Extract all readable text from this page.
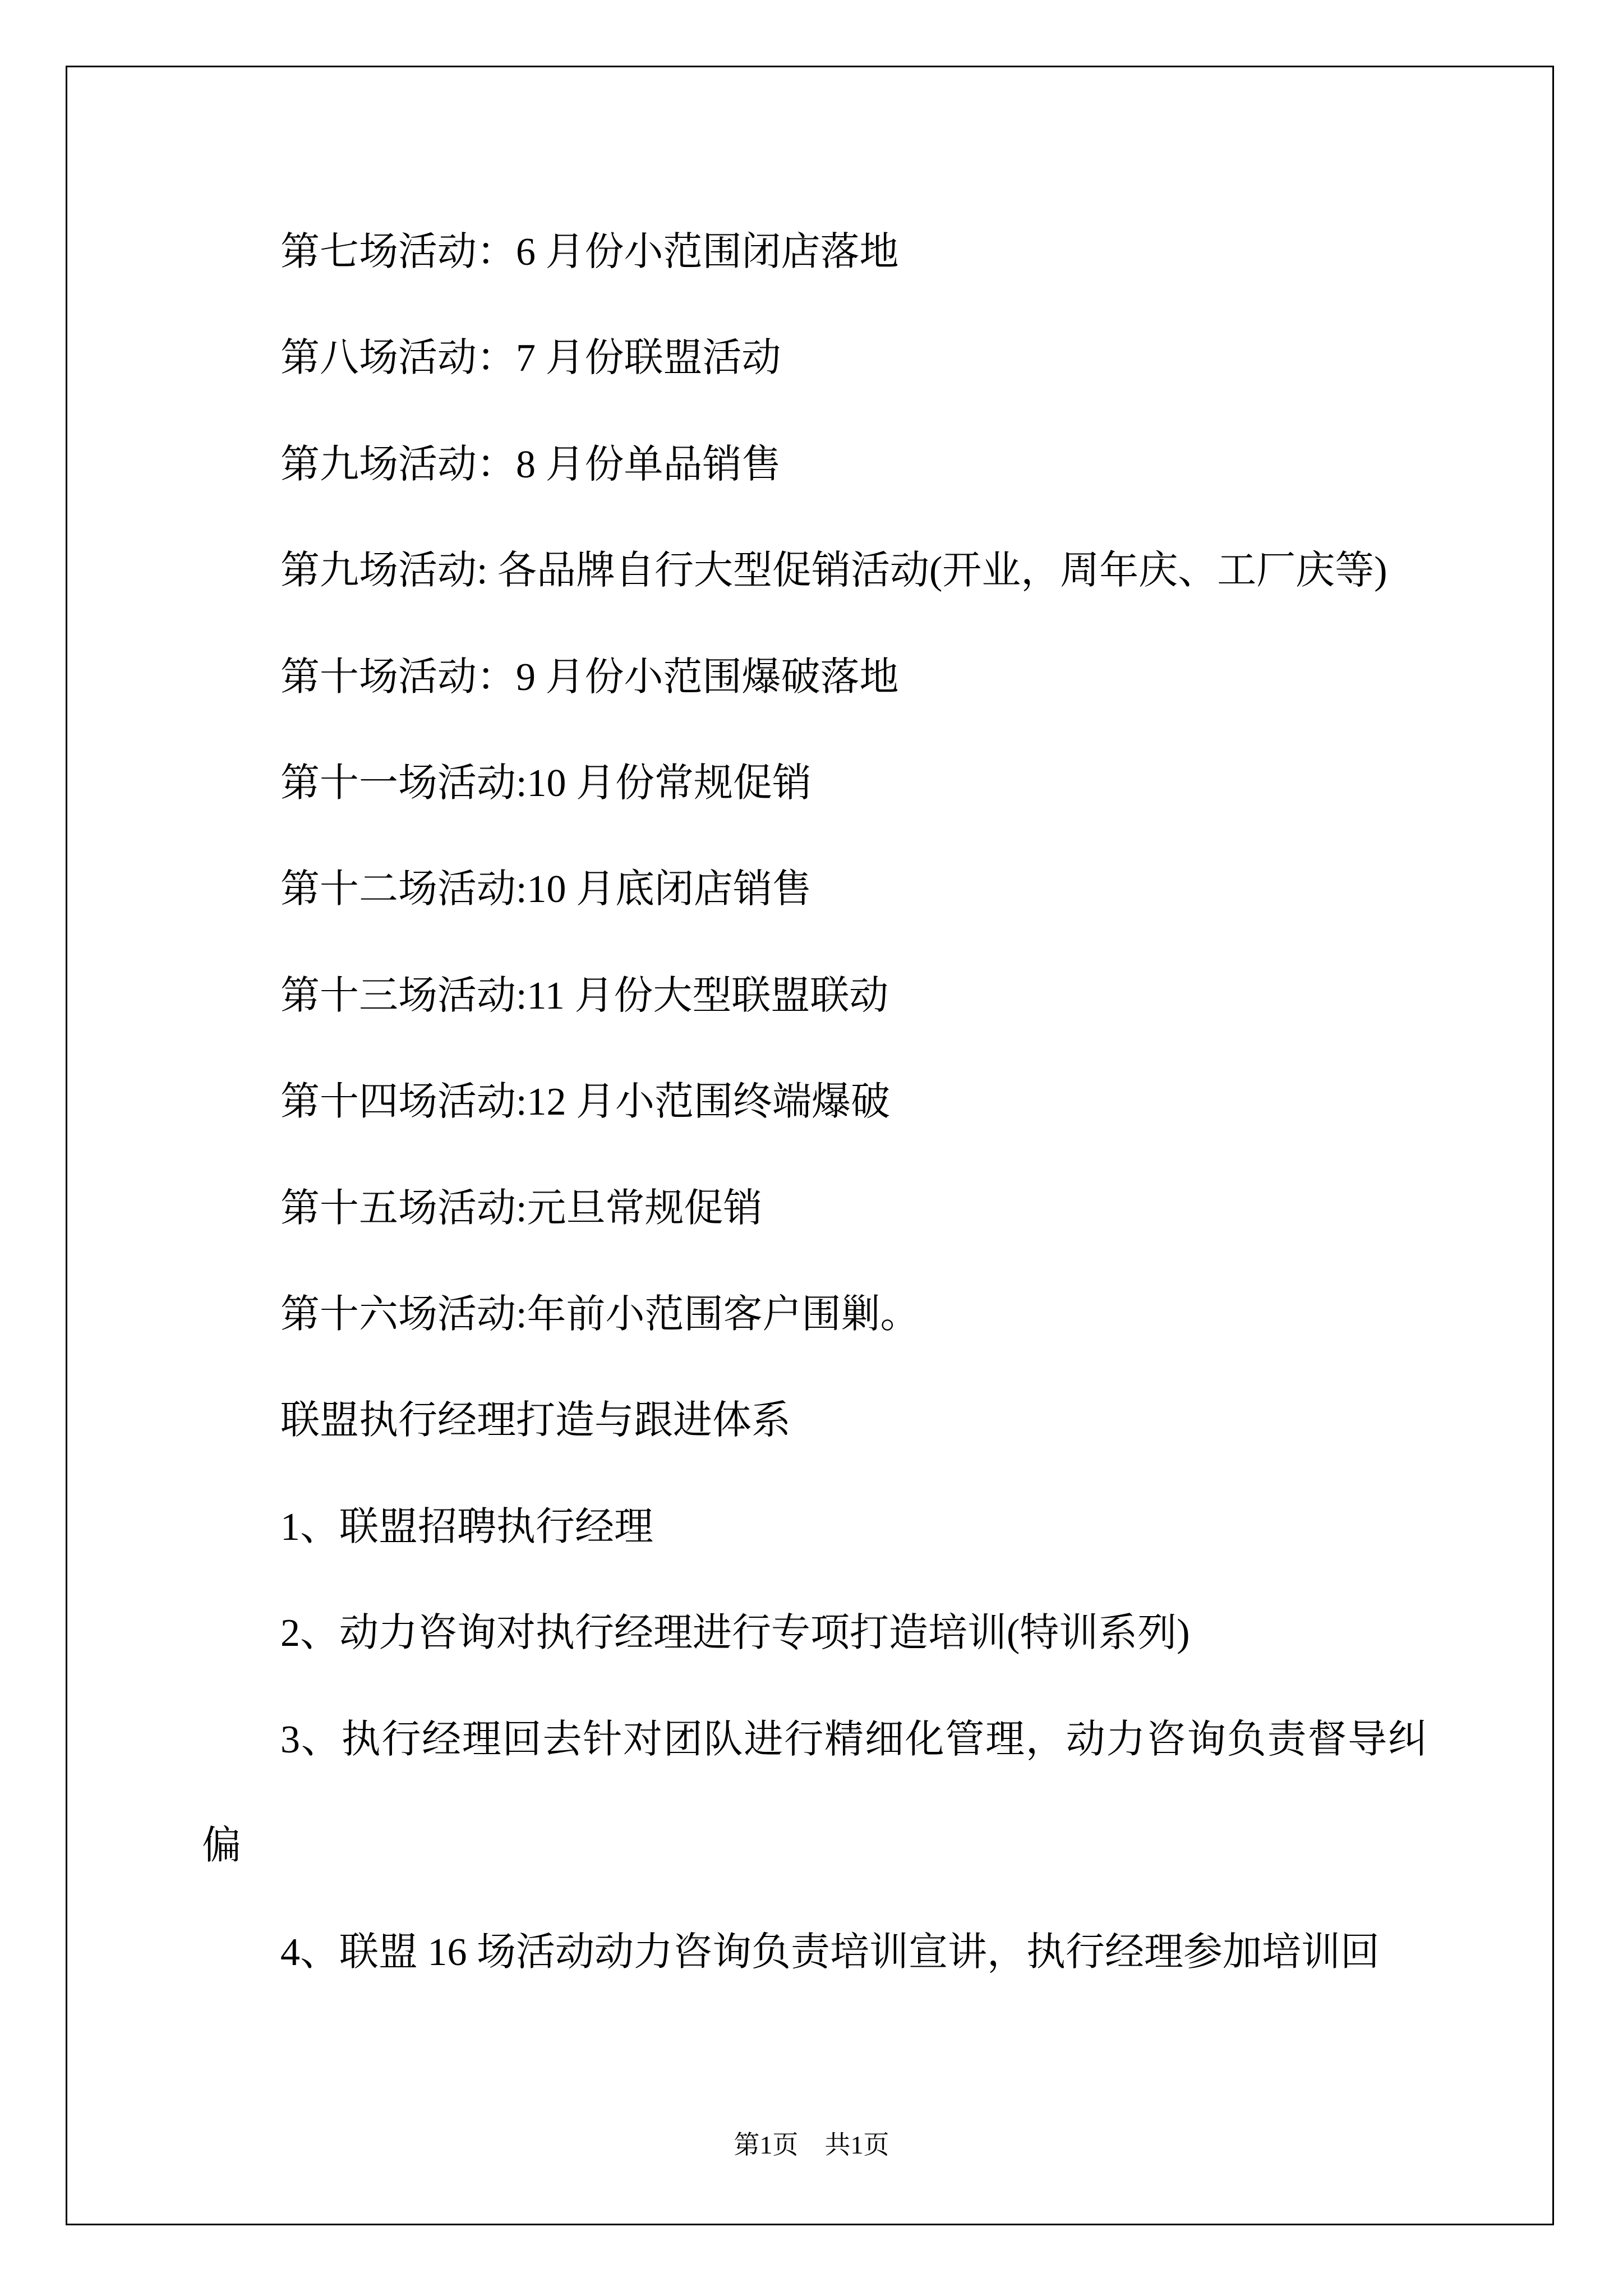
第七场活动：6 月份小范围闭店落地

第八场活动：7 月份联盟活动

第九场活动：8 月份单品销售

第九场活动: 各品牌自行大型促销活动(开业，周年庆、工厂庆等)

第十场活动：9 月份小范围爆破落地

第十一场活动:10 月份常规促销

第十二场活动:10 月底闭店销售

第十三场活动:11 月份大型联盟联动

第十四场活动:12 月小范围终端爆破

第十五场活动:元旦常规促销

第十六场活动:年前小范围客户围剿。

联盟执行经理打造与跟进体系

1、联盟招聘执行经理

2、动力咨询对执行经理进行专项打造培训(特训系列)

3、执行经理回去针对团队进行精细化管理，动力咨询负责督导纠偏

4、联盟 16 场活动动力咨询负责培训宣讲，执行经理参加培训回

第1页 共1页
